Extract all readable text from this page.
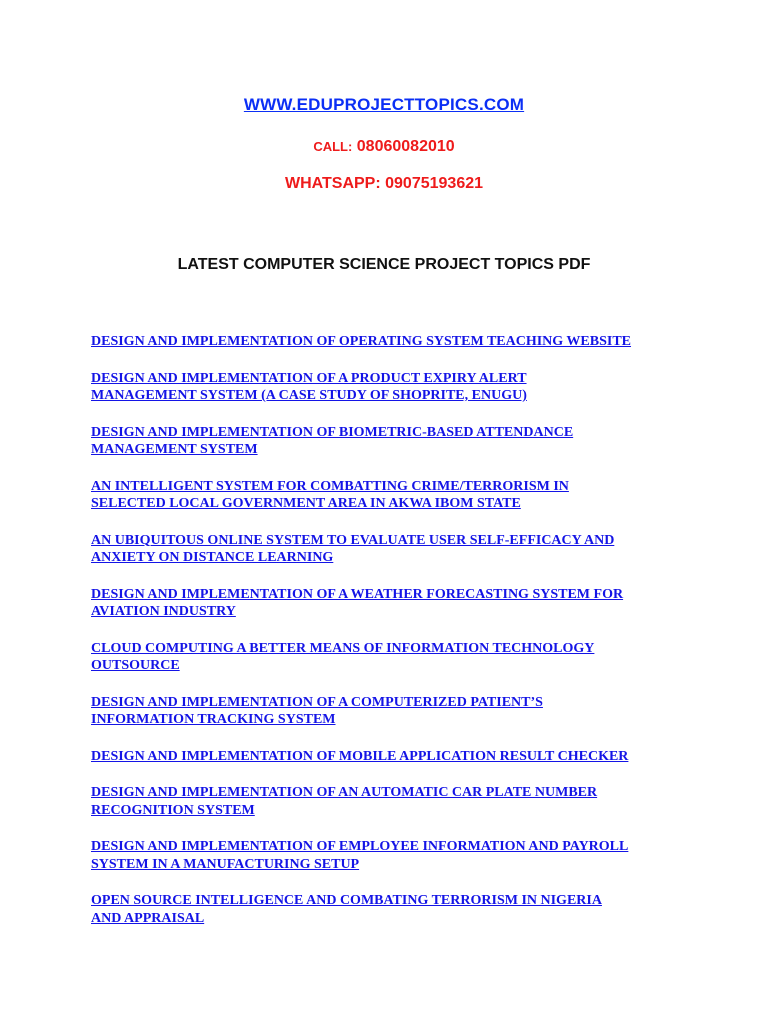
WWW.EDUPROJECTTOPICS.COM
CALL: 08060082010
WHATSAPP: 09075193621
LATEST COMPUTER SCIENCE PROJECT TOPICS PDF
DESIGN AND IMPLEMENTATION OF OPERATING SYSTEM TEACHING WEBSITE
DESIGN AND IMPLEMENTATION OF A PRODUCT EXPIRY ALERT
MANAGEMENT SYSTEM (A CASE STUDY OF SHOPRITE, ENUGU)
DESIGN AND IMPLEMENTATION OF BIOMETRIC-BASED ATTENDANCE
MANAGEMENT SYSTEM
AN INTELLIGENT SYSTEM FOR COMBATTING CRIME/TERRORISM IN
SELECTED LOCAL GOVERNMENT AREA IN AKWA IBOM STATE
AN UBIQUITOUS ONLINE SYSTEM TO EVALUATE USER SELF-EFFICACY AND
ANXIETY ON DISTANCE LEARNING
DESIGN AND IMPLEMENTATION OF A WEATHER FORECASTING SYSTEM FOR
AVIATION INDUSTRY
CLOUD COMPUTING A BETTER MEANS OF INFORMATION TECHNOLOGY
OUTSOURCE
DESIGN AND IMPLEMENTATION OF A COMPUTERIZED PATIENT’S
INFORMATION TRACKING SYSTEM
DESIGN AND IMPLEMENTATION OF MOBILE APPLICATION RESULT CHECKER
DESIGN AND IMPLEMENTATION OF AN AUTOMATIC CAR PLATE NUMBER
RECOGNITION SYSTEM
DESIGN AND IMPLEMENTATION OF EMPLOYEE INFORMATION AND PAYROLL
SYSTEM IN A MANUFACTURING SETUP
OPEN SOURCE INTELLIGENCE AND COMBATING TERRORISM IN NIGERIA
AND APPRAISAL
